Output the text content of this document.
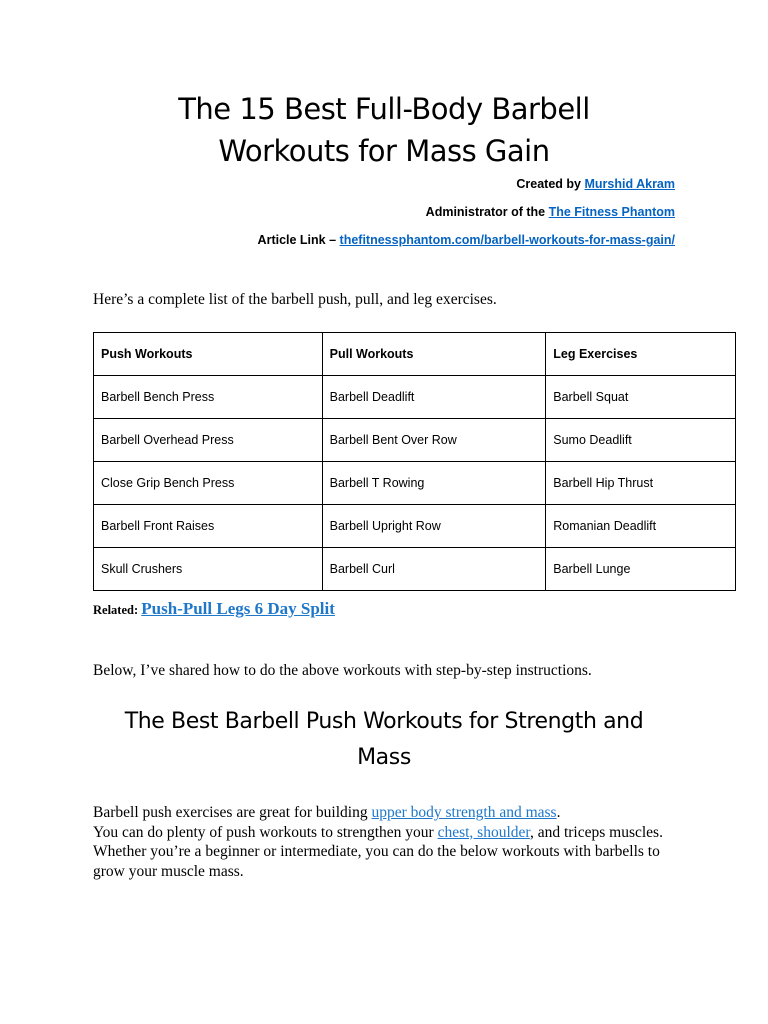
The 15 Best Full-Body Barbell
Workouts for Mass Gain
Created by Murshid Akram
Administrator of the The Fitness Phantom
Article Link – thefitnessphantom.com/barbell-workouts-for-mass-gain/

Here’s a complete list of the barbell push, pull, and leg exercises.

Push Workouts	Pull Workouts	Leg Exercises
Barbell Bench Press	Barbell Deadlift	Barbell Squat
Barbell Overhead Press	Barbell Bent Over Row	Sumo Deadlift
Close Grip Bench Press	Barbell T Rowing	Barbell Hip Thrust
Barbell Front Raises	Barbell Upright Row	Romanian Deadlift
Skull Crushers	Barbell Curl	Barbell Lunge
Related: Push-Pull Legs 6 Day Split

Below, I’ve shared how to do the above workouts with step-by-step instructions.

The Best Barbell Push Workouts for Strength and
Mass

Barbell push exercises are great for building upper body strength and mass.

You can do plenty of push workouts to strengthen your chest, shoulder, and triceps muscles.

Whether you’re a beginner or intermediate, you can do the below workouts with barbells to grow your muscle mass.
